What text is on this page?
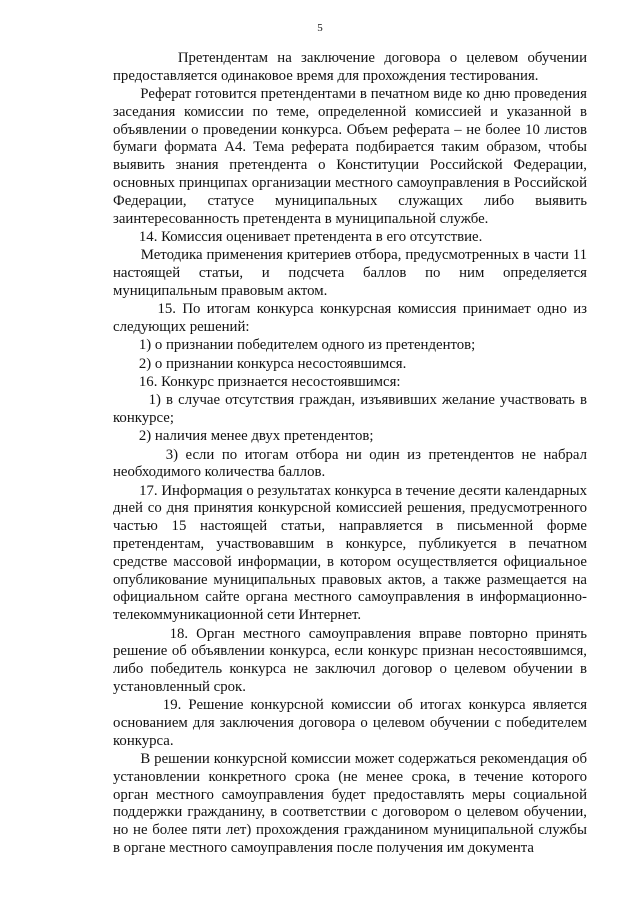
5

Претендентам на заключение договора о целевом обучении предоставляется одинаковое время для прохождения тестирования.

Реферат готовится претендентами в печатном виде ко дню проведения заседания комиссии по теме, определенной комиссией и указанной в объявлении о проведении конкурса. Объем реферата – не более 10 листов бумаги формата А4. Тема реферата подбирается таким образом, чтобы выявить знания претендента о Конституции Российской Федерации, основных принципах организации местного самоуправления в Российской Федерации, статусе муниципальных служащих либо выявить заинтересованность претендента в муниципальной службе.

14. Комиссия оценивает претендента в его отсутствие.

Методика применения критериев отбора, предусмотренных в части 11 настоящей статьи, и подсчета баллов по ним определяется муниципальным правовым актом.

15. По итогам конкурса конкурсная комиссия принимает одно из следующих решений:

1) о признании победителем одного из претендентов;

2) о признании конкурса несостоявшимся.

16. Конкурс признается несостоявшимся:

1) в случае отсутствия граждан, изъявивших желание участвовать в конкурсе;

2) наличия менее двух претендентов;

3) если по итогам отбора ни один из претендентов не набрал необходимого количества баллов.

17. Информация о результатах конкурса в течение десяти календарных дней со дня принятия конкурсной комиссией решения, предусмотренного частью 15 настоящей статьи, направляется в письменной форме претендентам, участвовавшим в конкурсе, публикуется в печатном средстве массовой информации, в котором осуществляется официальное опубликование муниципальных правовых актов, а также размещается на официальном сайте органа местного самоуправления в информационно-телекоммуникационной сети Интернет.

18. Орган местного самоуправления вправе повторно принять решение об объявлении конкурса, если конкурс признан несостоявшимся, либо победитель конкурса не заключил договор о целевом обучении в установленный срок.

19. Решение конкурсной комиссии об итогах конкурса является основанием для заключения договора о целевом обучении с победителем конкурса.

В решении конкурсной комиссии может содержаться рекомендация об установлении конкретного срока (не менее срока, в течение которого орган местного самоуправления будет предоставлять меры социальной поддержки гражданину, в соответствии с договором о целевом обучении, но не более пяти лет) прохождения гражданином муниципальной службы в органе местного самоуправления после получения им документа
